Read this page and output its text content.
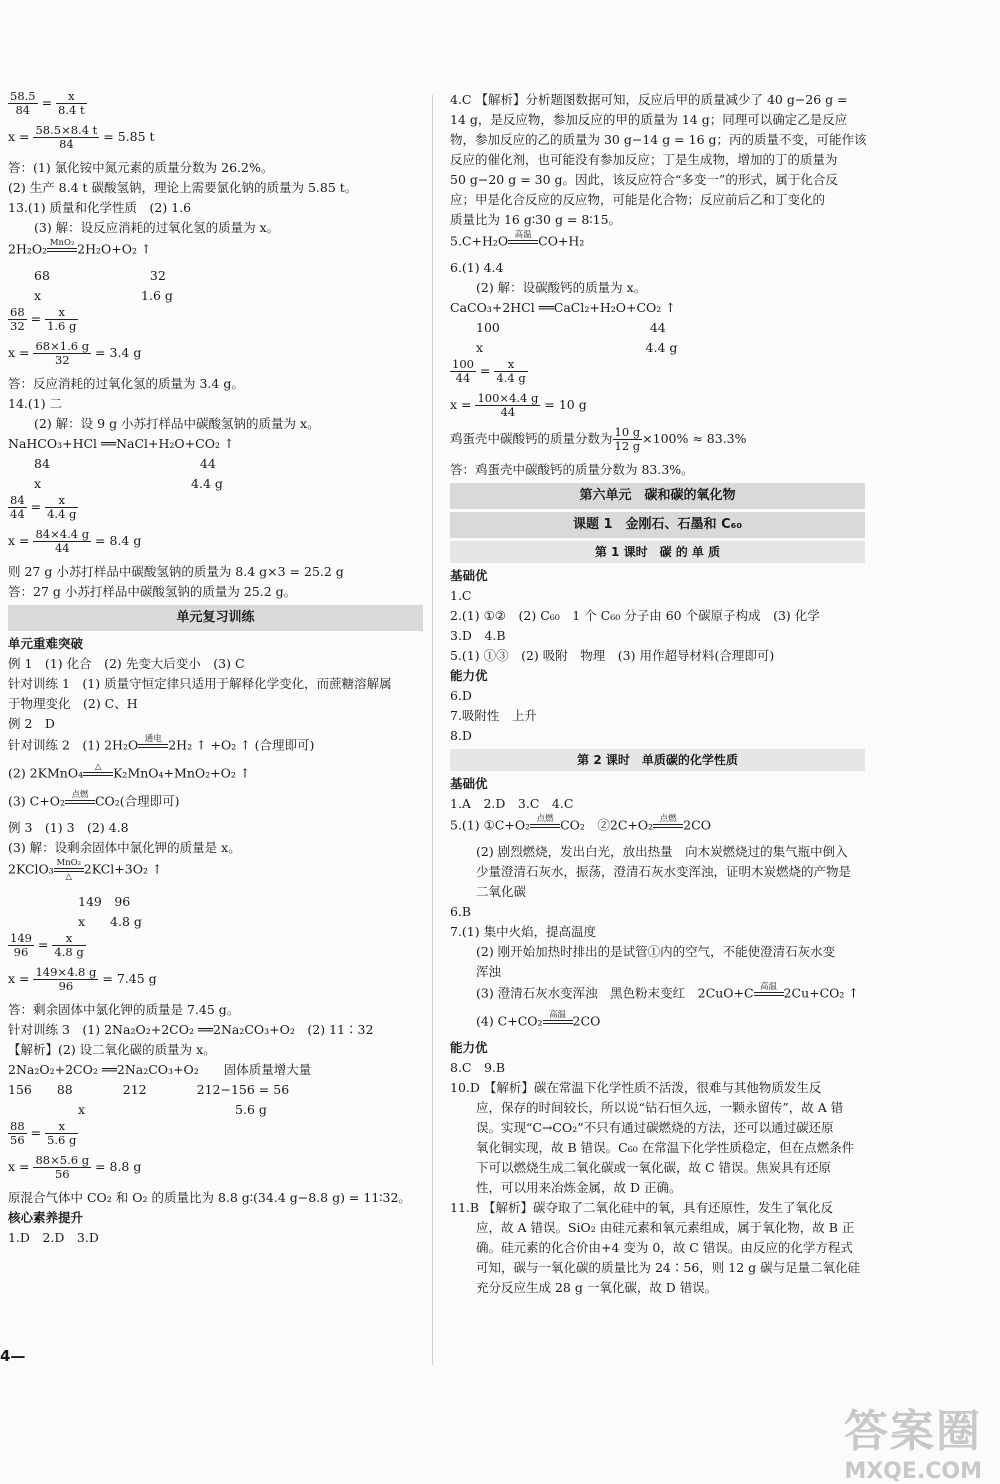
$\frac{58.5}{84} = \frac{x}{8.4 t}$
$x = \frac{58.5\times 8.4 t}{84} = 5.85$ t
答：(1) 氯化铵中氮元素的质量分数为 26.2%。
(2) 生产 8.4 t 碳酸氢钠，理论上需要氯化钠的质量为 5.85 t。
13.(1) 质量和化学性质　(2) 1.6
(3) 解：设反应消耗的过氧化氢的质量为 x。
2H₂O₂ MnO₂ 2H₂O+O₂ ↑
68　　　　　　　　32
x　　　　　　　　1.6 g
$\frac{68}{32} = \frac{x}{1.6 g}$
$x = \frac{68\times 1.6 g}{32} = 3.4$ g
答：反应消耗的过氧化氢的质量为 3.4 g。
14.(1) 二
(2) 解：设 9 g 小苏打样品中碳酸氢钠的质量为 x。
NaHCO₃+HCl ══NaCl+H₂O+CO₂ ↑
84　　　　　　　　　　　　44
x　　　　　　　　　　　　4.4 g
$\frac{84}{44} = \frac{x}{4.4 g}$
$x = \frac{84\times 4.4 g}{44} = 8.4$ g
则 27 g 小苏打样品中碳酸氢钠的质量为 8.4 g×3 = 25.2 g
答：27 g 小苏打样品中碳酸氢钠的质量为 25.2 g。
单元复习训练
单元重难突破
例 1　(1) 化合　(2) 先变大后变小　(3) C
针对训练 1　(1) 质量守恒定律只适用于解释化学变化，而蔗糖溶解属
于物理变化　(2) C、H
例 2　D
针对训练 2　(1) 2H₂O 通电 2H₂ ↑ +O₂ ↑ (合理即可)
(2) 2KMnO₄	△ K₂MnO₄+MnO₂+O₂ ↑
(3) C+O₂ 点燃 CO₂(合理即可)
例 3　(1) 3　(2) 4.8
(3) 解：设剩余固体中氯化钾的质量是 x。
2KClO₃ MnO₂
△
2KCl+3O₂ ↑
149　96
x　　4.8 g
$\frac{149}{96} = \frac{x}{4.8 g}$
$x = \frac{149\times 4.8 g}{96} = 7.45$ g
答：剩余固体中氯化钾的质量是 7.45 g。
针对训练 3　(1) 2Na₂O₂+2CO₂ ══2Na₂CO₃+O₂　(2) 11∶32
【解析】(2) 设二氧化碳的质量为 x。
2Na₂O₂+2CO₂ ══2Na₂CO₃+O₂　　固体质量增大量
156　　88　　　　212　　　　212−156 = 56
x　　　　　　　　　　　　5.6 g
$\frac{88}{56} = \frac{x}{5.6 g}$
$x = \frac{88\times 5.6 g}{56} = 8.8$ g
原混合气体中 CO₂ 和 O₂ 的质量比为 8.8 g∶(34.4 g−8.8 g) = 11∶32。
核心素养提升
1.D　2.D　3.D
4.C 【解析】分析题图数据可知，反应后甲的质量减少了 40 g−26 g =
14 g，是反应物，参加反应的甲的质量为 14 g；同理可以确定乙是反应
物，参加反应的乙的质量为 30 g−14 g = 16 g；丙的质量不变，可能作该
反应的催化剂，也可能没有参加反应；丁是生成物，增加的丁的质量为
50 g−20 g = 30 g。因此，该反应符合“多变一”的形式，属于化合反
应；甲是化合反应的反应物，可能是化合物；反应前后乙和丁变化的
质量比为 16 g∶30 g = 8∶15。
5.C+H₂O 高温 CO+H₂
6.(1) 4.4
(2) 解：设碳酸钙的质量为 x。
CaCO₃+2HCl ══CaCl₂+H₂O+CO₂ ↑
100　　　　　　　　　　　　44
x　　　　　　　　　　　　　4.4 g
$\frac{100}{44} = \frac{x}{4.4 g}$
$x = \frac{100\times 4.4 g}{44} = 10$ g
鸡蛋壳中碳酸钙的质量分数为 $\frac{10 g}{12 g} \times 100\% \approx 83.3\%$
答：鸡蛋壳中碳酸钙的质量分数为 83.3%。
第六单元　碳和碳的氧化物
课题 1　金刚石、石墨和 C₆₀
第 1 课时　碳 的 单 质
基础优
1.C
2.(1) ①②　(2) C₆₀　1 个 C₆₀ 分子由 60 个碳原子构成　(3) 化学
3.D　4.B
5.(1) ①③　(2) 吸附　物理　(3) 用作超导材料(合理即可)
能力优
6.D
7.吸附性　上升
8.D
第 2 课时　单质碳的化学性质
基础优
1.A　2.D　3.C　4.C
5.(1) ①C+O₂ 点燃 CO₂　②2C+O₂ 点燃 2CO
(2) 剧烈燃烧，发出白光，放出热量　向木炭燃烧过的集气瓶中倒入
少量澄清石灰水，振荡，澄清石灰水变浑浊，证明木炭燃烧的产物是
二氧化碳
6.B
7.(1) 集中火焰，提高温度
(2) 刚开始加热时排出的是试管①内的空气，不能使澄清石灰水变
浑浊
(3) 澄清石灰水变浑浊　黑色粉末变红　2CuO+C 高温 2Cu+CO₂ ↑
(4) C+CO₂ 高温 2CO
能力优
8.C　9.B
10.D 【解析】碳在常温下化学性质不活泼，很难与其他物质发生反
应，保存的时间较长，所以说“钻石恒久远，一颗永留传”，故 A 错
误。实现“C→CO₂”不只有通过碳燃烧的方法，还可以通过碳还原
氧化铜实现，故 B 错误。C₆₀ 在常温下化学性质稳定，但在点燃条件
下可以燃烧生成二氧化碳或一氧化碳，故 C 错误。焦炭具有还原
性，可以用来冶炼金属，故 D 正确。
11.B 【解析】碳夺取了二氧化硅中的氧，具有还原性，发生了氧化反
应，故 A 错误。SiO₂ 由硅元素和氧元素组成，属于氧化物，故 B 正
确。硅元素的化合价由+4 变为 0，故 C 错误。由反应的化学方程式
可知，碳与一氧化碳的质量比为 24∶56，则 12 g 碳与足量二氧化硅
充分反应生成 28 g 一氧化碳，故 D 错误。
4—
答案圈
MXQE.COM
